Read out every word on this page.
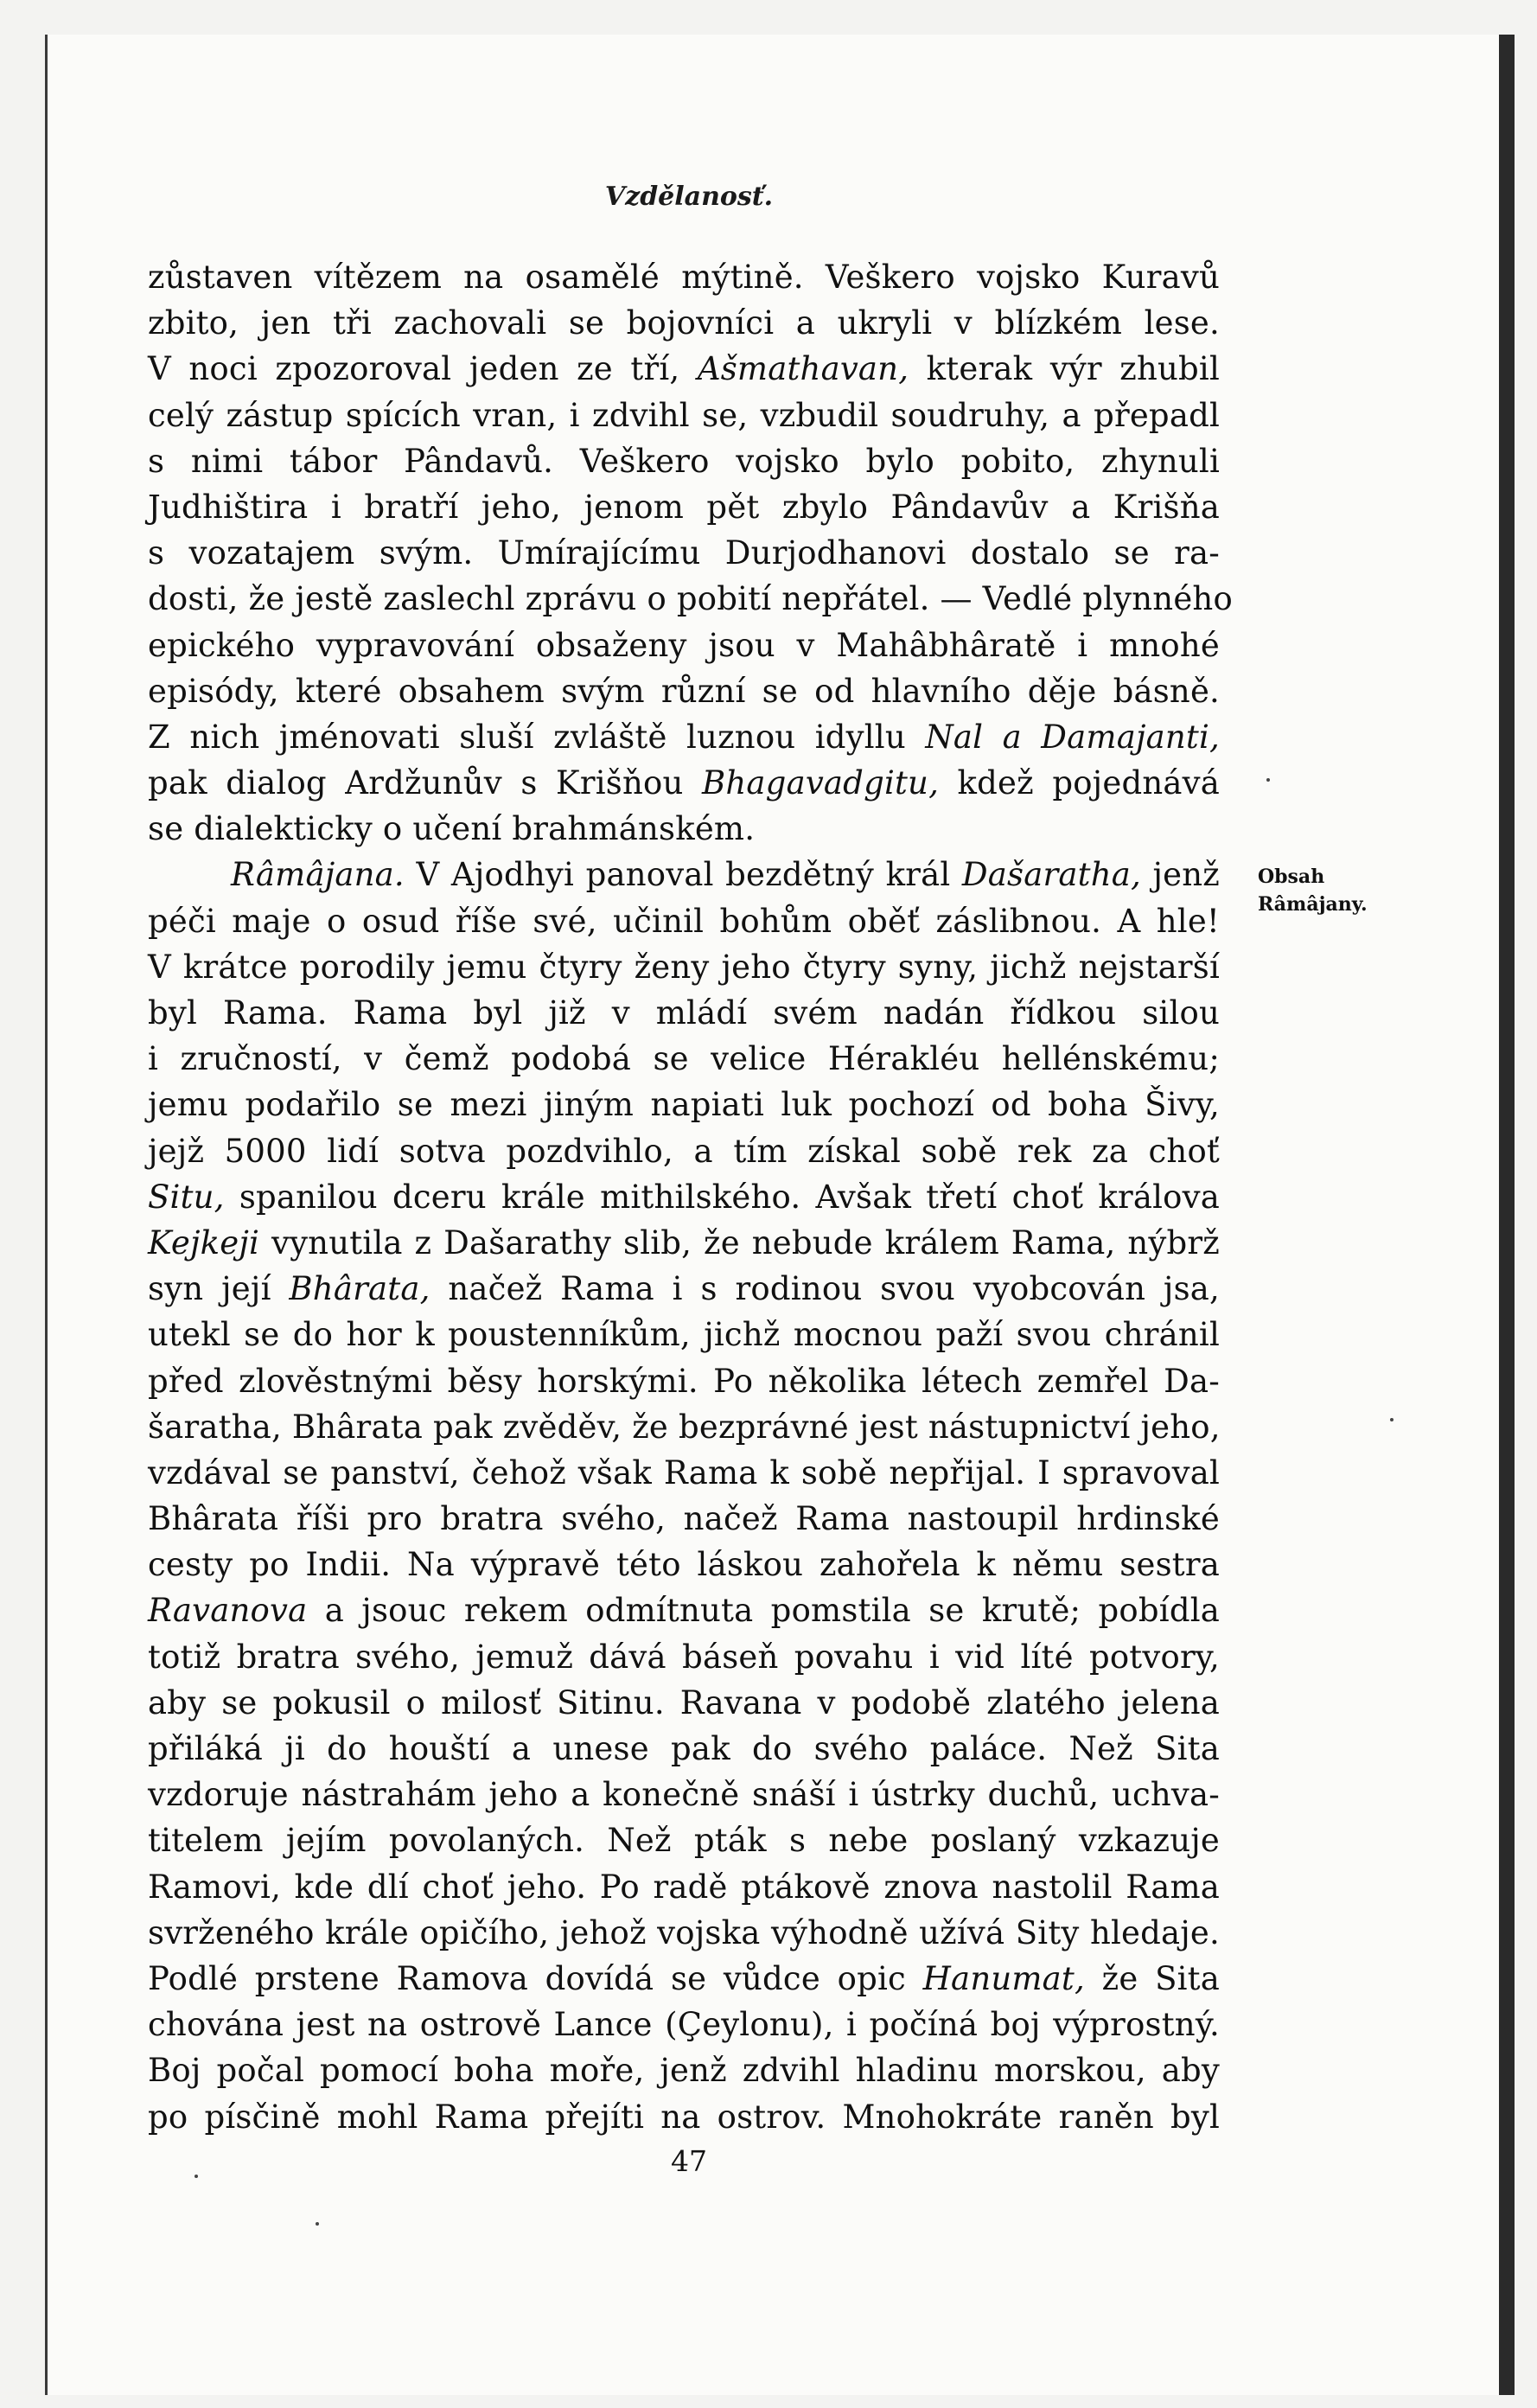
Vzdělanosť.
zůstaven vítězem na osamělé mýtině. Veškero vojsko Kuravů
zbito, jen tři zachovali se bojovníci a ukryli v blízkém lese.
V noci zpozoroval jeden ze tří, Ašmathavan, kterak výr zhubil
celý zástup spících vran, i zdvihl se, vzbudil soudruhy, a přepadl
s nimi tábor Pândavů. Veškero vojsko bylo pobito, zhynuli
Judhištira i bratří jeho, jenom pět zbylo Pândavův a Krišňa
s vozatajem svým. Umírajícímu Durjodhanovi dostalo se ra-
dosti, že jestě zaslechl zprávu o pobití nepřátel. — Vedlé plynného
epického vypravování obsaženy jsou v Mahâbhâratě i mnohé
episódy, které obsahem svým různí se od hlavního děje básně.
Z nich jménovati sluší zvláště luznou idyllu Nal a Damajanti,
pak dialog Ardžunův s Krišňou Bhagavadgitu, kdež pojednává
se dialekticky o učení brahmánském.
Râmâjana. V Ajodhyi panoval bezdětný král Dašaratha, jenž
péči maje o osud říše své, učinil bohům oběť záslibnou. A hle!
V krátce porodily jemu čtyry ženy jeho čtyry syny, jichž nejstarší
byl Rama. Rama byl již v mládí svém nadán řídkou silou
i zručností, v čemž podobá se velice Hérakléu hellénskému;
jemu podařilo se mezi jiným napiati luk pochozí od boha Šivy,
jejž 5000 lidí sotva pozdvihlo, a tím získal sobě rek za choť
Situ, spanilou dceru krále mithilského. Avšak třetí choť králova
Kejkeji vynutila z Dašarathy slib, že nebude králem Rama, nýbrž
syn její Bhârata, načež Rama i s rodinou svou vyobcován jsa,
utekl se do hor k poustenníkům, jichž mocnou paží svou chránil
před zlověstnými běsy horskými. Po několika létech zemřel Da-
šaratha, Bhârata pak zvěděv, že bezprávné jest nástupnictví jeho,
vzdával se panství, čehož však Rama k sobě nepřijal. I spravoval
Bhârata říši pro bratra svého, načež Rama nastoupil hrdinské
cesty po Indii. Na výpravě této láskou zahořela k němu sestra
Ravanova a jsouc rekem odmítnuta pomstila se krutě; pobídla
totiž bratra svého, jemuž dává báseň povahu i vid líté potvory,
aby se pokusil o milosť Sitinu. Ravana v podobě zlatého jelena
přiláká ji do houští a unese pak do svého paláce. Než Sita
vzdoruje nástrahám jeho a konečně snáší i ústrky duchů, uchva-
titelem jejím povolaných. Než pták s nebe poslaný vzkazuje
Ramovi, kde dlí choť jeho. Po radě ptákově znova nastolil Rama
svrženého krále opičího, jehož vojska výhodně užívá Sity hledaje.
Podlé prstene Ramova dovídá se vůdce opic Hanumat, že Sita
chována jest na ostrově Lance (Çeylonu), i počíná boj výprostný.
Boj počal pomocí boha moře, jenž zdvihl hladinu morskou, aby
po písčině mohl Rama přejíti na ostrov. Mnohokráte raněn byl
Obsah
Râmâjany.
47
